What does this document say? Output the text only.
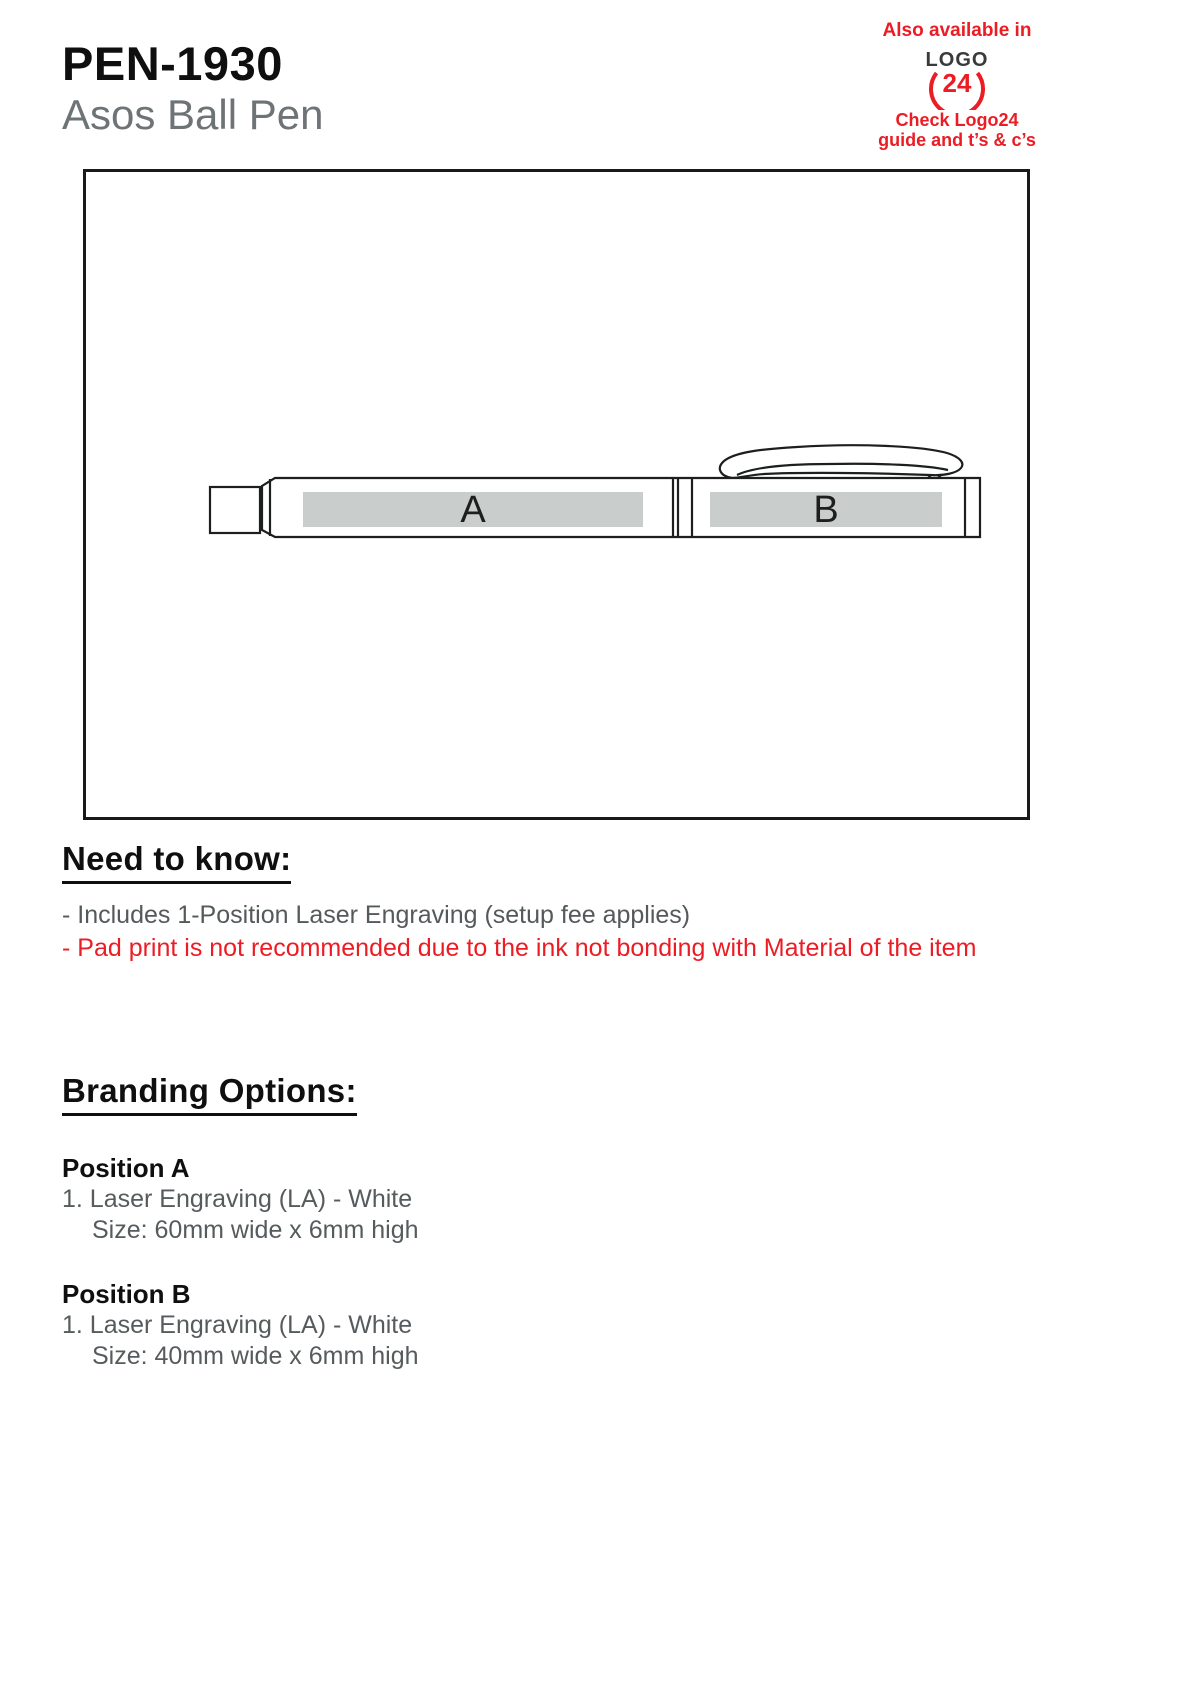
PEN-1930
Asos Ball Pen
Also available in
LOGO
24
Check Logo24
guide and t’s & c’s
A	B
Need to know:
- Includes 1-Position Laser Engraving (setup fee applies)
- Pad print is not recommended due to the ink not bonding with Material of the item
Branding Options:
Position A
1. Laser Engraving (LA) - White
Size: 60mm wide x 6mm high
Position B
1. Laser Engraving (LA) - White
Size: 40mm wide x 6mm high
